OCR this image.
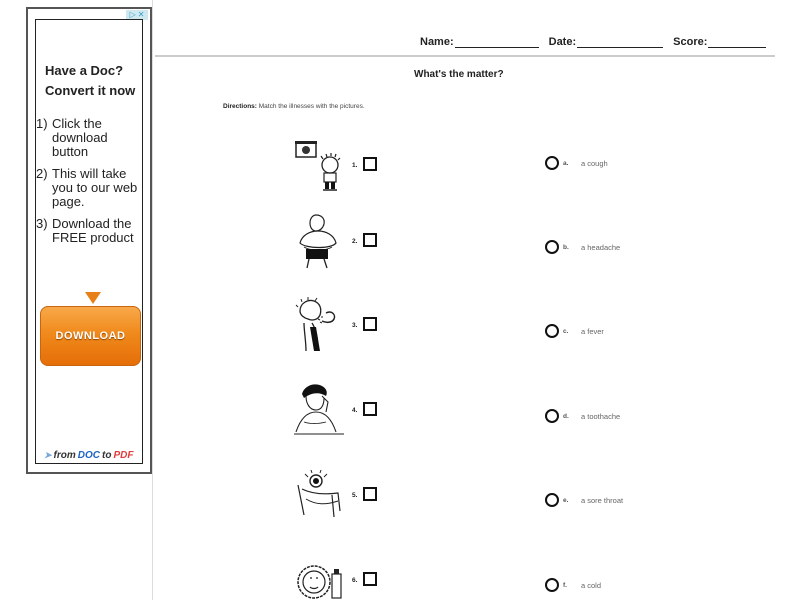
▷ ✕
Have a Doc?
Convert it now
1) Click the download button
2) This will take you to our web page.
3) Download the FREE product
DOWNLOAD
➤ from DOC to PDF
Name:	Date:	Score:
What's the matter?
Directions: Match the illnesses with the pictures.
1.
2.
3.
4.
5.
6.
a.	a cough
b.	a headache
c.	a fever
d.	a toothache
e.	a sore throat
f.	a cold
